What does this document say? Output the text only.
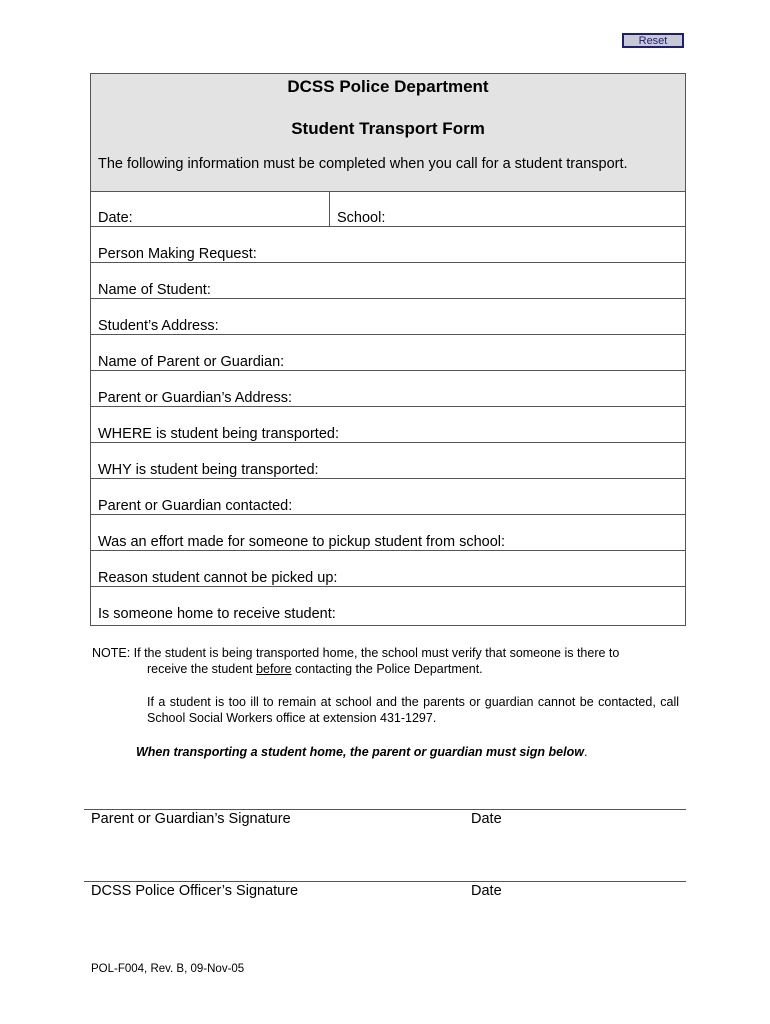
Reset
DCSS Police Department
Student Transport Form
The following information must be completed when you call for a student transport.
Date:	School:
Person Making Request:
Name of Student:
Student’s Address:
Name of Parent or Guardian:
Parent or Guardian’s Address:
WHERE is student being transported:
WHY is student being transported:
Parent or Guardian contacted:
Was an effort made for someone to pickup student from school:
Reason student cannot be picked up:
Is someone home to receive student:
NOTE: If the student is being transported home, the school must verify that someone is there to
receive the student before contacting the Police Department.
If a student is too ill to remain at school and the parents or guardian cannot be contacted, call School Social Workers office at extension 431-1297.
When transporting a student home, the parent or guardian must sign below.
Parent or Guardian’s Signature	Date
DCSS Police Officer’s Signature	Date
POL-F004, Rev. B, 09-Nov-05
